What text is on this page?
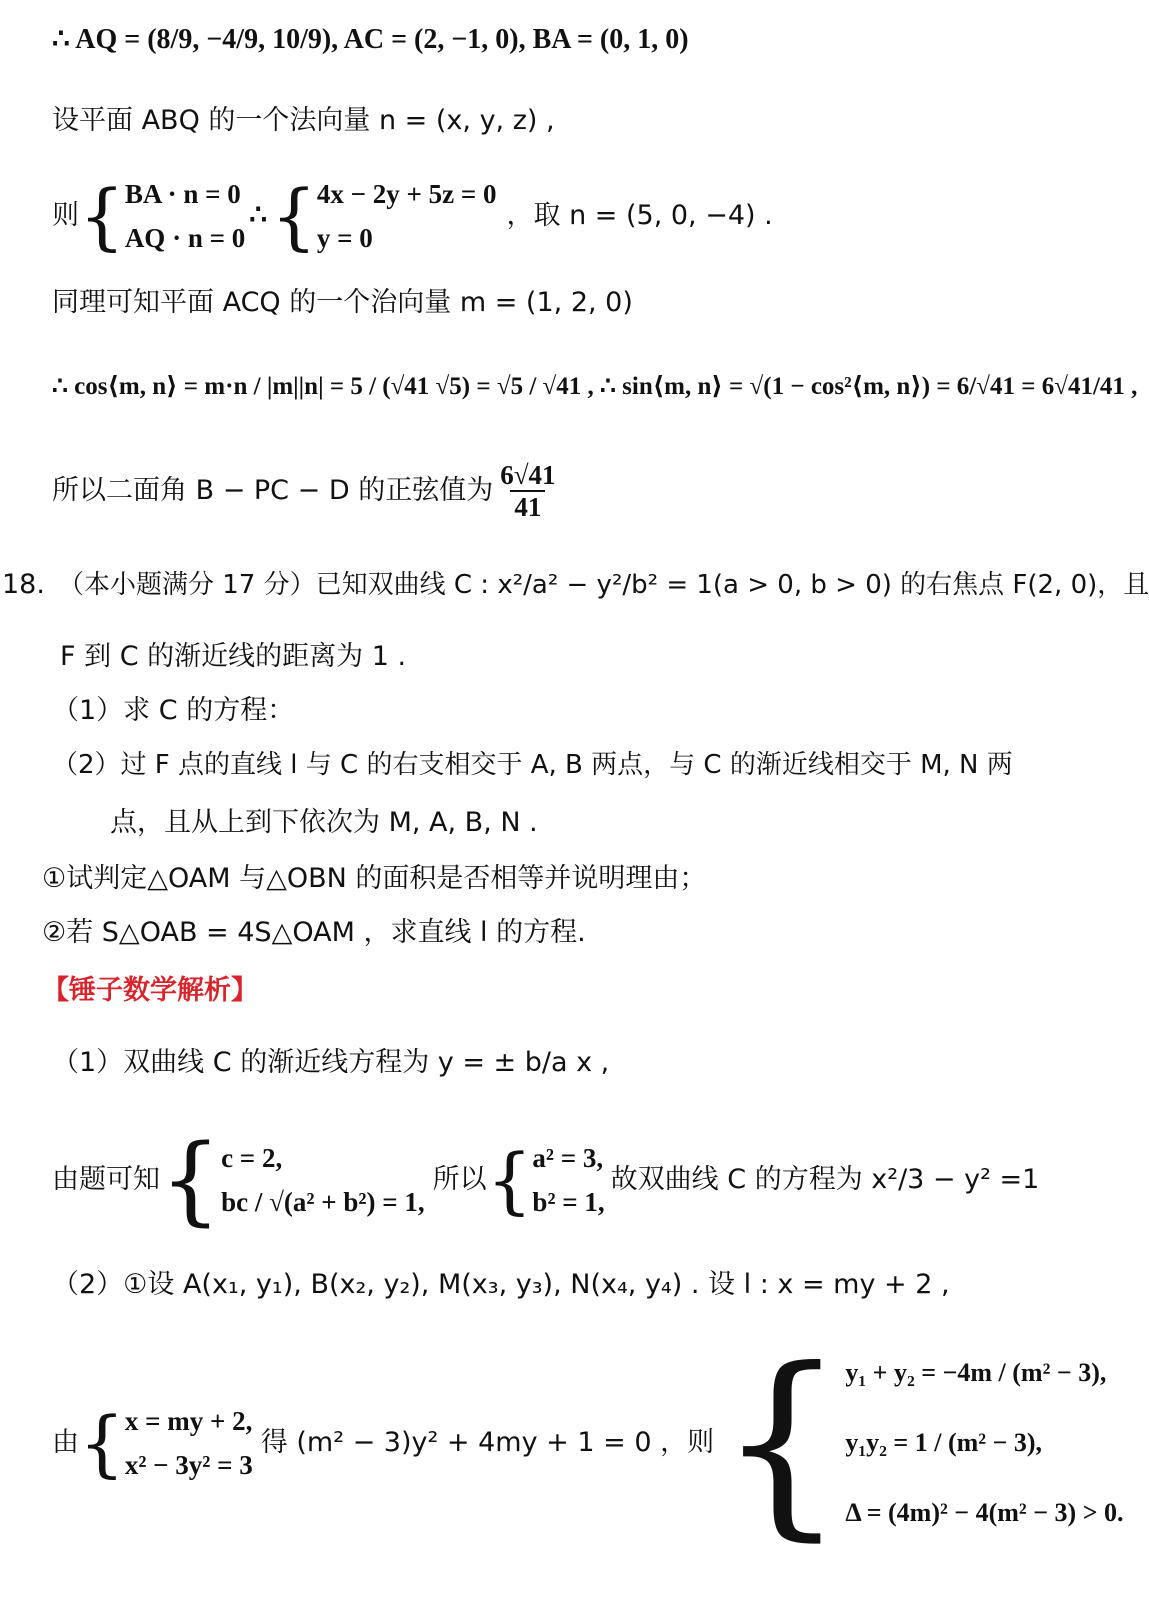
∴ AQ = (8/9, −4/9, 10/9), AC = (2, −1, 0), BA = (0, 1, 0)
设平面 ABQ 的一个法向量 n = (x, y, z) ,
则 { BA · n = 0
AQ · n = 0
∴ { 4x − 2y + 5z = 0
y = 0
，取 n = (5, 0, −4) .
同理可知平面 ACQ 的一个治向量 m = (1, 2, 0)
∴ cos⟨m, n⟩ = m·n / |m||n| = 5 / (√41 √5) = √5 / √41 , ∴ sin⟨m, n⟩ = √(1 − cos²⟨m, n⟩) = 6/√41 = 6√41/41 ,
所以二面角 B − PC − D 的正弦值为 $\frac{6√41}{41}$
18. （本小题满分 17 分）已知双曲线 C : x²/a² − y²/b² = 1(a > 0, b > 0) 的右焦点 F(2, 0)，且
F 到 C 的渐近线的距离为 1 .
（1）求 C 的方程：
（2）过 F 点的直线 l 与 C 的右支相交于 A, B 两点，与 C 的渐近线相交于 M, N 两
点，且从上到下依次为 M, A, B, N .
①试判定△OAM 与△OBN 的面积是否相等并说明理由；
②若 S△OAB = 4S△OAM ，求直线 l 的方程.
【锤子数学解析】
（1）双曲线 C 的渐近线方程为 y = ± b/a x ,
由题可知 { c = 2,
bc / √(a² + b²) = 1,
所以 { a² = 3,
b² = 1,
故双曲线 C 的方程为 x²/3 − y² =1
（2）①设 A(x₁, y₁), B(x₂, y₂), M(x₃, y₃), N(x₄, y₄) . 设 l : x = my + 2 ,
由 { x = my + 2,
x² − 3y² = 3
得 (m² − 3)y² + 4my + 1 = 0 ，则 { y₁ + y₂ = −4m / (m² − 3),
y₁y₂ = 1 / (m² − 3),
Δ = (4m)² − 4(m² − 3) > 0.
